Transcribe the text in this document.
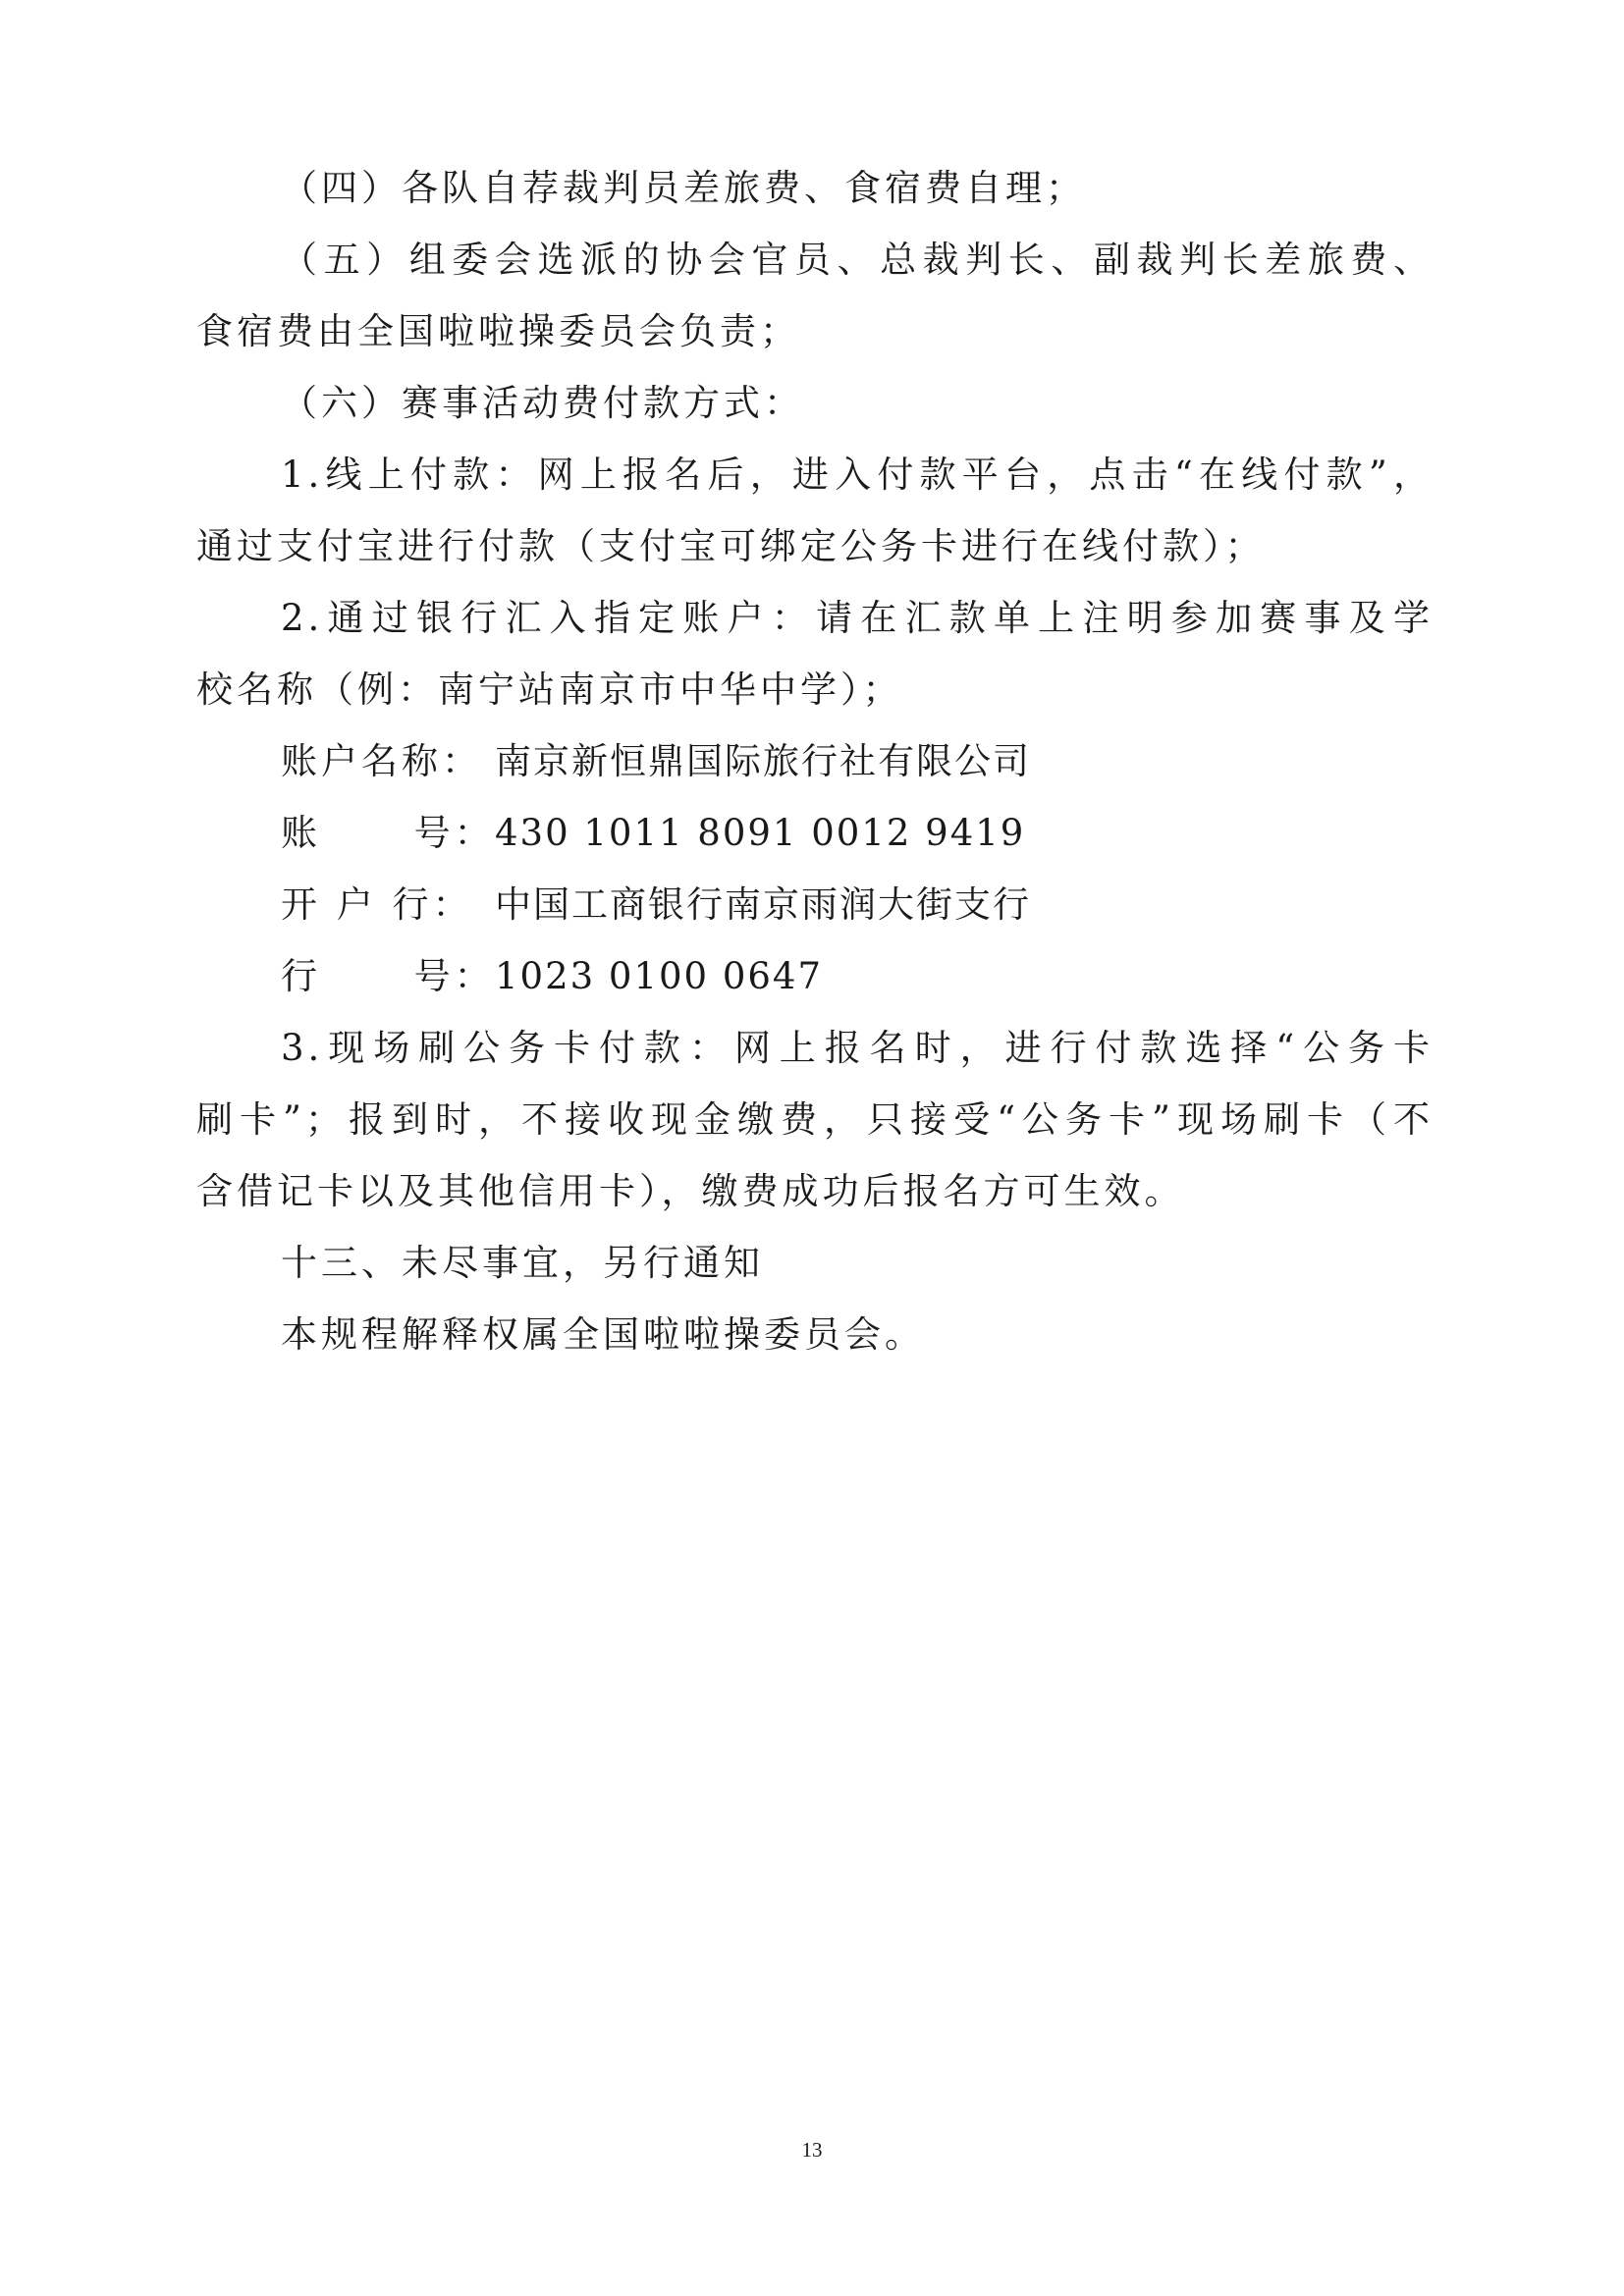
（四）各队自荐裁判员差旅费、食宿费自理；
（五）组委会选派的协会官员、总裁判长、副裁判长差旅费、
食宿费由全国啦啦操委员会负责；
（六）赛事活动费付款方式：
1.线上付款：网上报名后，进入付款平台，点击“在线付款”，
通过支付宝进行付款（支付宝可绑定公务卡进行在线付款）；
2.通过银行汇入指定账户：请在汇款单上注明参加赛事及学
校名称（例：南宁站南京市中华中学）；
账户名称： 南京新恒鼎国际旅行社有限公司
账      号： 430 1011 8091 0012 9419
开 户 行： 中国工商银行南京雨润大街支行
行      号： 1023 0100 0647
3.现场刷公务卡付款：网上报名时，进行付款选择“公务卡
刷卡”；报到时，不接收现金缴费，只接受“公务卡”现场刷卡（不
含借记卡以及其他信用卡），缴费成功后报名方可生效。
十三、未尽事宜，另行通知
本规程解释权属全国啦啦操委员会。
13
